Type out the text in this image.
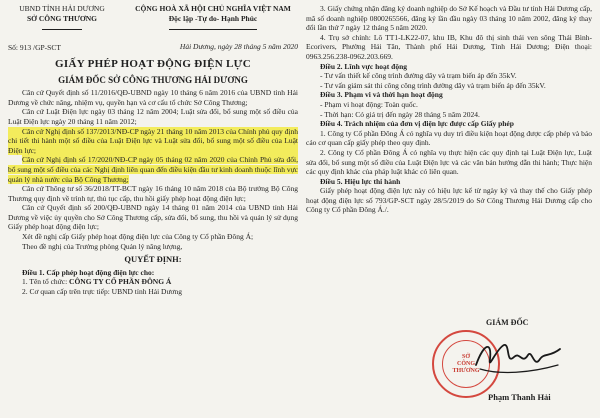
UBND TỈNH HẢI DƯƠNG
SỞ CÔNG THƯƠNG
Số: 913 /GP-SCT
CỘNG HOÀ XÃ HỘI CHỦ NGHĨA VIỆT NAM
Độc lập -Tự do- Hạnh Phúc
Hải Dương, ngày 28 tháng 5 năm 2020
GIẤY PHÉP HOẠT ĐỘNG ĐIỆN LỰC
GIÁM ĐỐC SỞ CÔNG THƯƠNG HẢI DƯƠNG
Căn cứ Quyết định số 11/2016/QĐ-UBND ngày 10 tháng 6 năm 2016 của UBND tỉnh Hải Dương về chức năng, nhiệm vụ, quyền hạn và cơ cấu tổ chức Sở Công Thương;
Căn cứ Luật Điện lực ngày 03 tháng 12 năm 2004; Luật sửa đổi, bổ sung một số điều của Luật Điện lực ngày 20 tháng 11 năm 2012;
Căn cứ Nghị định số 137/2013/NĐ-CP ngày 21 tháng 10 năm 2013 của Chính phủ quy định chi tiết thi hành một số điều của Luật Điện lực và Luật sửa đổi, bổ sung một số điều của Luật Điện lực;
Căn cứ Nghị định số 17/2020/NĐ-CP ngày 05 tháng 02 năm 2020 của Chính Phủ sửa đổi, bổ sung một số điều của các Nghị định liên quan đến điều kiện đầu tư kinh doanh thuộc lĩnh vực quản lý nhà nước của Bộ Công Thương;
Căn cứ Thông tư số 36/2018/TT-BCT ngày 16 tháng 10 năm 2018 của Bộ trưởng Bộ Công Thương quy định về trình tự, thủ tục cấp, thu hồi giấy phép hoạt động điện lực;
Căn cứ Quyết định số 200/QĐ-UBND ngày 14 tháng 01 năm 2014 của UBND tỉnh Hải Dương về việc ủy quyền cho Sở Công Thương cấp, sửa đổi, bổ sung, thu hồi và quản lý sử dụng Giấy phép hoạt động điện lực;
Xét đề nghị cấp Giấy phép hoạt động điện lực của Công ty Cổ phần Đông Á;
Theo đề nghị của Trưởng phòng Quản lý năng lượng,
QUYẾT ĐỊNH:
Điều 1. Cấp phép hoạt động điện lực cho:
1. Tên tổ chức: CÔNG TY CỔ PHẦN ĐÔNG Á
2. Cơ quan cấp trên trực tiếp: UBND tỉnh Hải Dương
3. Giấy chứng nhận đăng ký doanh nghiệp do Sở Kế hoạch và Đầu tư tỉnh Hải Dương cấp, mã số doanh nghiệp 0800265566, đăng ký lần đầu ngày 03 tháng 10 năm 2002, đăng ký thay đổi lần thứ 7 ngày 12 tháng 5 năm 2020.
4. Trụ sở chính: Lô TT1-LK22-07, khu IB, Khu đô thị sinh thái ven sông Thái Bình-Ecorivers, Phường Hải Tân, Thành phố Hải Dương, Tỉnh Hải Dương; Điện thoại: 0963.256.238-0962.203.669.
Điều 2. Lĩnh vực hoạt động
- Tư vấn thiết kế công trình đường dây và trạm biến áp đến 35kV.
- Tư vấn giám sát thi công công trình đường dây và trạm biến áp đến 35kV.
Điều 3. Phạm vi và thời hạn hoạt động
- Phạm vi hoạt động: Toàn quốc.
- Thời hạn: Có giá trị đến ngày 28 tháng 5 năm 2024.
Điều 4. Trách nhiệm của đơn vị điện lực được cấp Giấy phép
1. Công ty Cổ phần Đông Á có nghĩa vụ duy trì điều kiện hoạt động được cấp phép và báo cáo cơ quan cấp giấy phép theo quy định.
2. Công ty Cổ phần Đông Á có nghĩa vụ thực hiện các quy định tại Luật Điện lực, Luật sửa đổi, bổ sung một số điều của Luật Điện lực và các văn bản hướng dẫn thi hành; Thực hiện các quy định khác của pháp luật khác có liên quan.
Điều 5. Hiệu lực thi hành
Giấy phép hoạt động điện lực này có hiệu lực kể từ ngày ký và thay thế cho Giấy phép hoạt động điện lực số 793/GP-SCT ngày 28/5/2019 do Sở Công Thương Hải Dương cấp cho Công ty Cổ phần Đông Á./.
GIÁM ĐỐC
SỞ
CÔNG THƯƠNG
Phạm Thanh Hải
